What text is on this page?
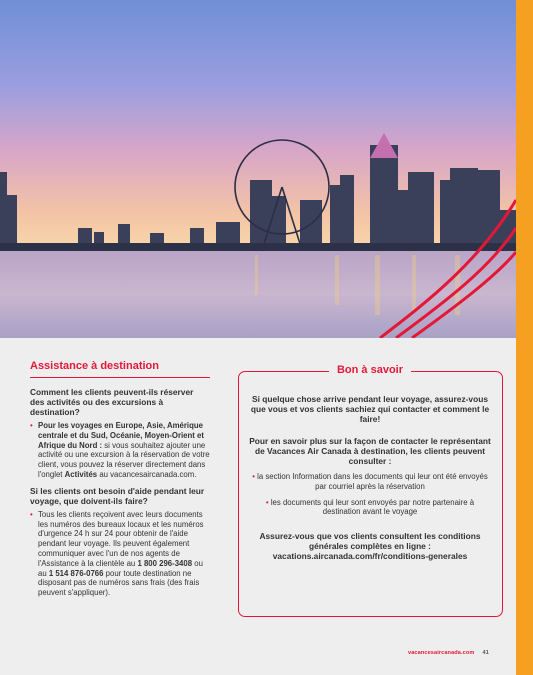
Assistance à destination

Comment les clients peuvent-ils réserver des activités ou des excursions à destination?

• Pour les voyages en Europe, Asie, Amérique centrale et du Sud, Océanie, Moyen-Orient et Afrique du Nord : si vous souhaitez ajouter une activité ou une excursion à la réservation de votre client, vous pouvez la réserver directement dans l'onglet Activités au vacancesaircanada.com.

Si les clients ont besoin d'aide pendant leur voyage, que doivent-ils faire?

• Tous les clients reçoivent avec leurs documents les numéros des bureaux locaux et les numéros d'urgence 24 h sur 24 pour obtenir de l'aide pendant leur voyage. Ils peuvent également communiquer avec l'un de nos agents de l'Assistance à la clientèle au 1 800 296-3408 ou au 1 514 876-0766 pour toute destination ne disposant pas de numéros sans frais (des frais peuvent s'appliquer).
Bon à savoir

Si quelque chose arrive pendant leur voyage, assurez-vous que vous et vos clients sachiez qui contacter et comment le faire!

Pour en savoir plus sur la façon de contacter le représentant de Vacances Air Canada à destination, les clients peuvent consulter :

• la section Information dans les documents qui leur ont été envoyés par courriel après la réservation
• les documents qui leur sont envoyés par notre partenaire à destination avant le voyage

Assurez-vous que vos clients consultent les conditions générales complètes en ligne : vacations.aircanada.com/fr/conditions-generales

vacancesaircanada.com 41
